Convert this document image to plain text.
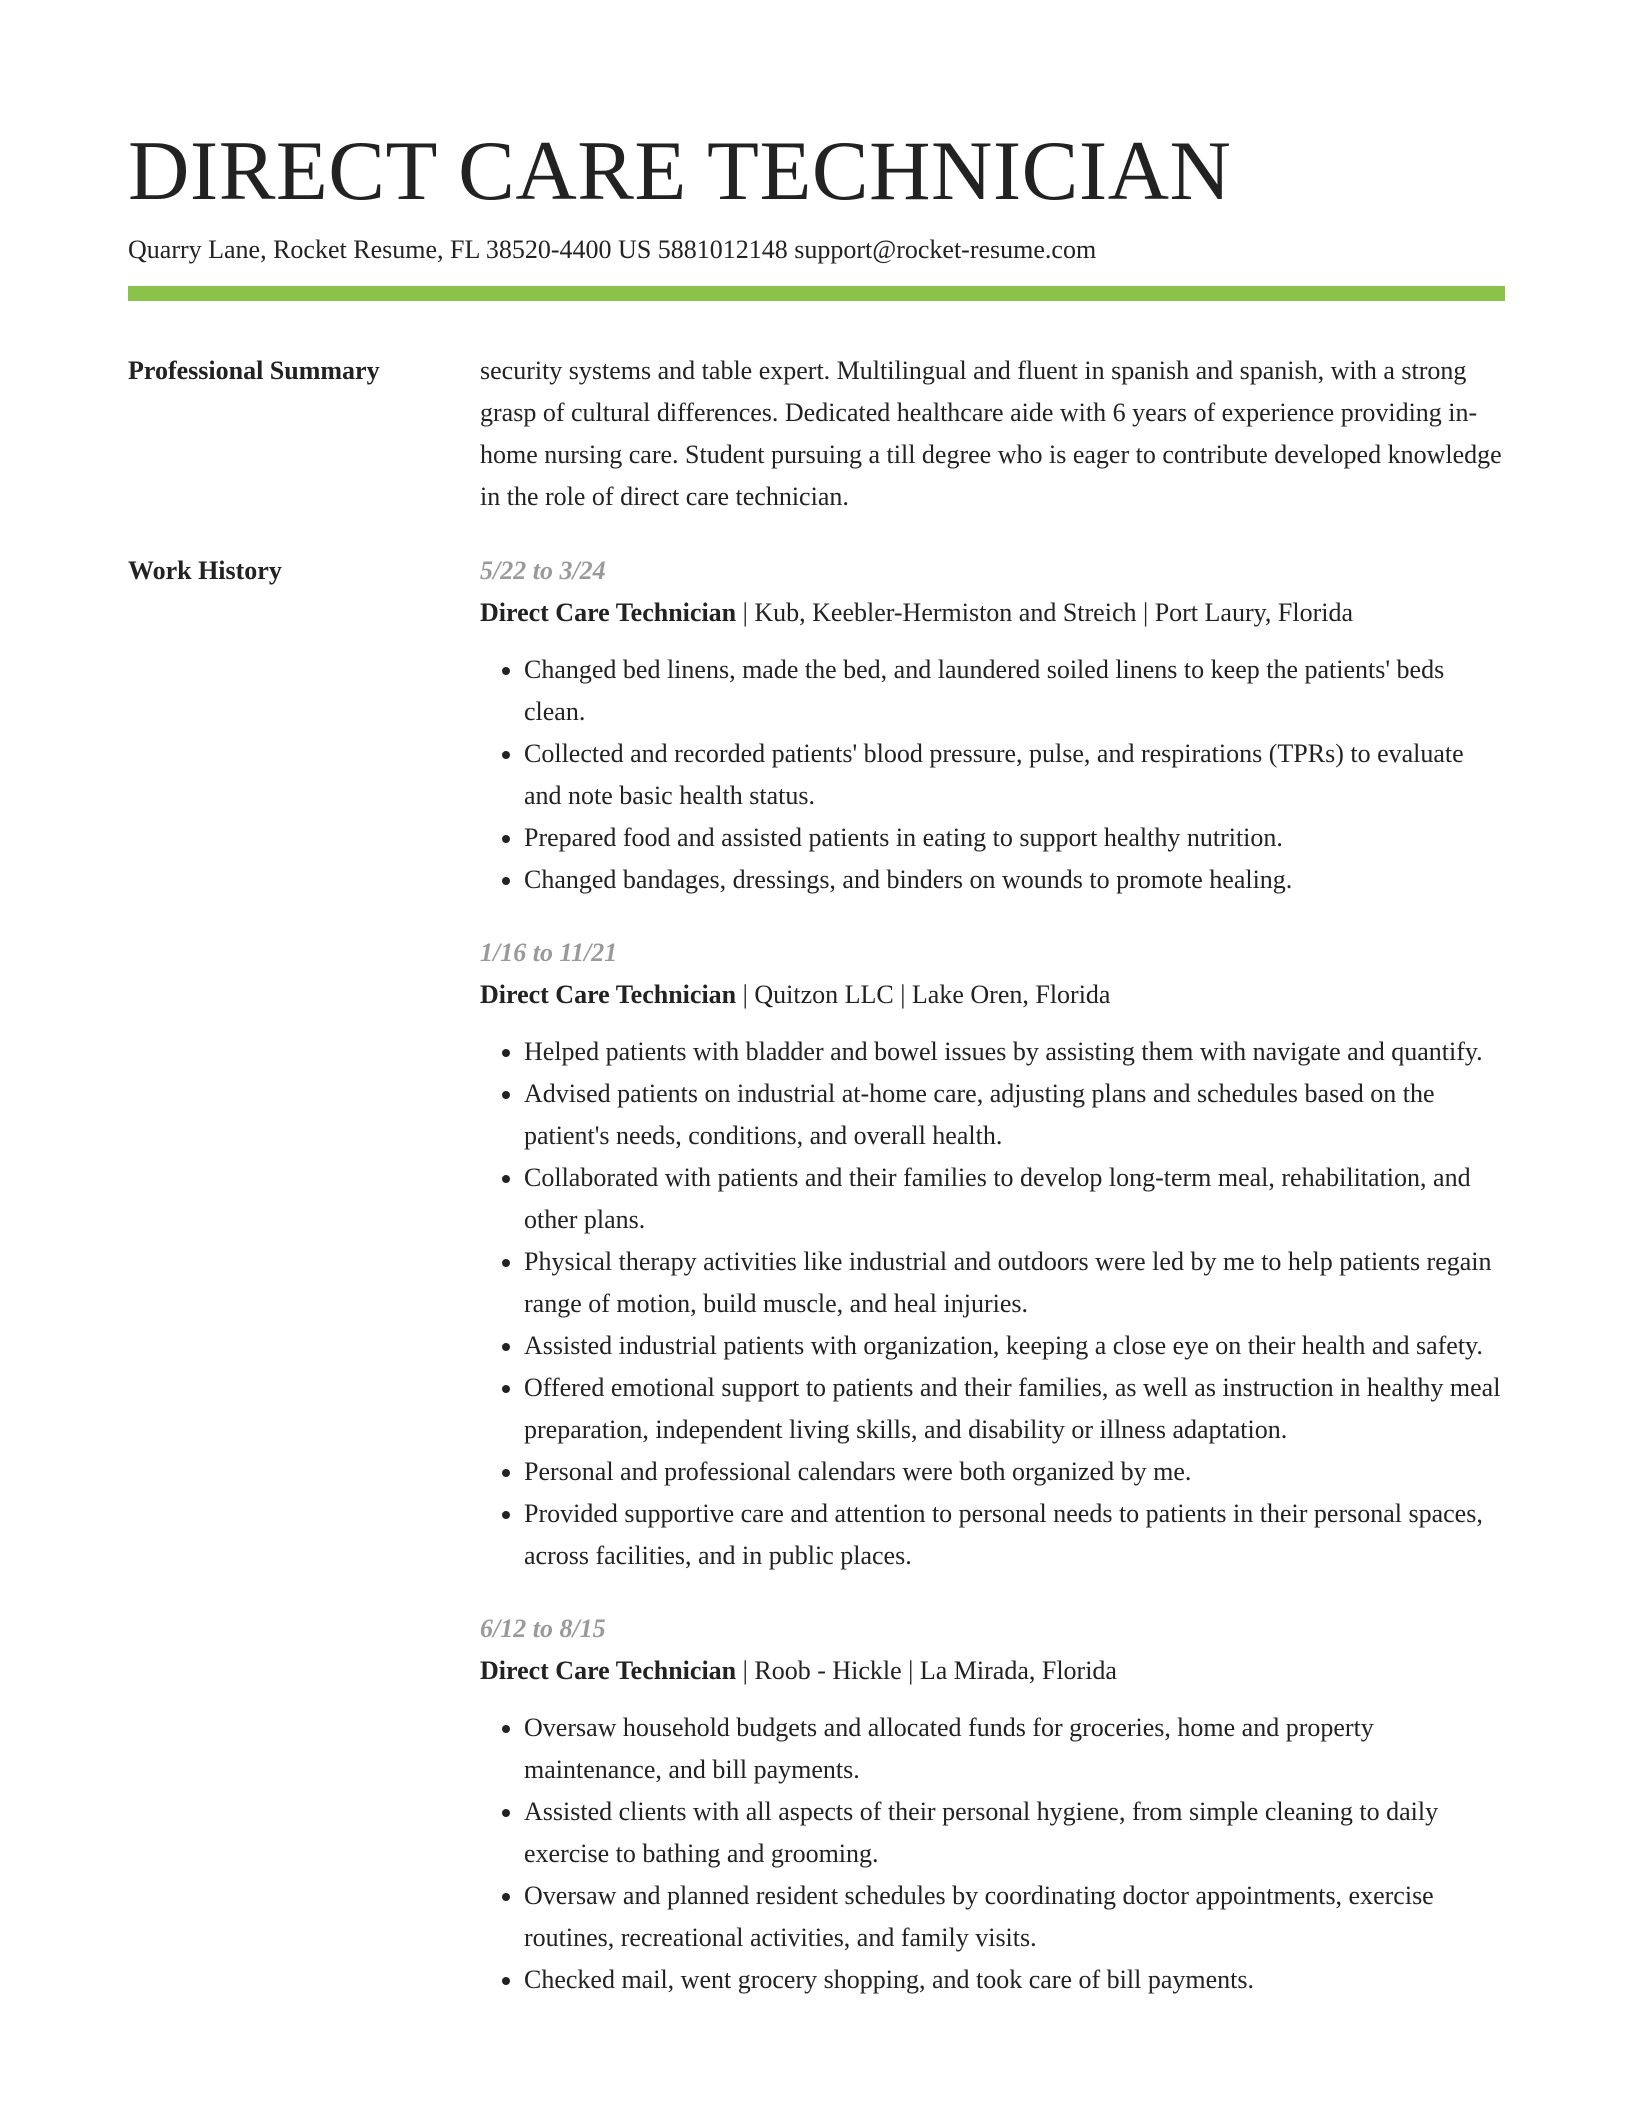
DIRECT CARE TECHNICIAN
Quarry Lane, Rocket Resume, FL 38520-4400 US 5881012148 support@rocket-resume.com
Professional Summary	security systems and table expert. Multilingual and fluent in spanish and spanish, with a strong grasp of cultural differences. Dedicated healthcare aide with 6 years of experience providing in-home nursing care. Student pursuing a till degree who is eager to contribute developed knowledge in the role of direct care technician.

Work History	5/22 to 3/24
Direct Care Technician | Kub, Keebler-Hermiston and Streich | Port Laury, Florida
• Changed bed linens, made the bed, and laundered soiled linens to keep the patients' beds clean.
• Collected and recorded patients' blood pressure, pulse, and respirations (TPRs) to evaluate and note basic health status.
• Prepared food and assisted patients in eating to support healthy nutrition.
• Changed bandages, dressings, and binders on wounds to promote healing.
1/16 to 11/21
Direct Care Technician | Quitzon LLC | Lake Oren, Florida
• Helped patients with bladder and bowel issues by assisting them with navigate and quantify.
• Advised patients on industrial at-home care, adjusting plans and schedules based on the patient's needs, conditions, and overall health.
• Collaborated with patients and their families to develop long-term meal, rehabilitation, and other plans.
• Physical therapy activities like industrial and outdoors were led by me to help patients regain range of motion, build muscle, and heal injuries.
• Assisted industrial patients with organization, keeping a close eye on their health and safety.
• Offered emotional support to patients and their families, as well as instruction in healthy meal preparation, independent living skills, and disability or illness adaptation.
• Personal and professional calendars were both organized by me.
• Provided supportive care and attention to personal needs to patients in their personal spaces, across facilities, and in public places.
6/12 to 8/15
Direct Care Technician | Roob - Hickle | La Mirada, Florida
• Oversaw household budgets and allocated funds for groceries, home and property maintenance, and bill payments.
• Assisted clients with all aspects of their personal hygiene, from simple cleaning to daily exercise to bathing and grooming.
• Oversaw and planned resident schedules by coordinating doctor appointments, exercise routines, recreational activities, and family visits.
• Checked mail, went grocery shopping, and took care of bill payments.
